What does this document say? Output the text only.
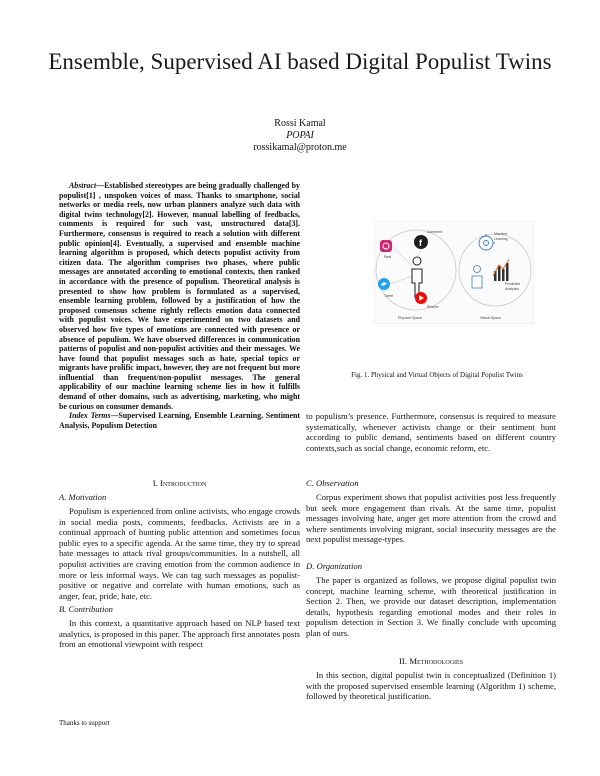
Ensemble, Supervised AI based Digital Populist Twins
Rossi Kamal
POPAI
rossikamal@proton.me

Abstract—Established stereotypes are being gradually challenged by populist[1] , unspoken voices of mass. Thanks to smartphone, social networks or media reels, now urban planners analyze such data with digital twins technology[2]. However, manual labelling of feedbacks, comments is required for such vast, unstructured data[3]. Furthermore, consensus is required to reach a solution with different public opinion[4]. Eventually, a supervised and ensemble machine learning algorithm is proposed, which detects populist activity from citizen data. The algorithm comprises two phases, where public messages are annotated according to emotional contexts, then ranked in accordance with the presence of populism. Theoretical analysis is presented to show how problem is formulated as a supervised, ensemble learning problem, followed by a justification of how the proposed consensus scheme rightly reflects emotion data connected with populist voices. We have experimented on two datasets and observed how five types of emotions are connected with presence or absence of populism. We have observed differences in communication patterns of populist and non-populist activities and their messages. We have found that populist messages such as hate, special topics or migrants have prolific impact, however, they are not frequent but more influential than frequent/non-populist messages. The general applicability of our machine learning scheme lies in how it fulfills demand of other domains, such as advertising, marketing, who might be curious on consumer demands.

Index Terms—Supervised Learning, Ensemble Learning, Sentiment Analysis, Populism Detection

I. Introduction

A. Motivation

Populism is experienced from online activists, who engage crowds in social media posts, comments, feedbacks. Activists are in a continual approach of hunting public attention and sometimes focus public eyes to a specific agenda. At the same time, they try to spread hate messages to attack rival groups/communities. In a nutshell, all populist activities are craving emotion from the common audience in more or less informal ways. We can tag such messages as populist- positive or negative and correlate with human emotions, such as anger, fear, pride, hate, etc.

B. Contribution

In this context, a quantitative approach based on NLP based text analytics, is proposed in this paper. The approach first annotates posts from an emotional viewpoint with respect

Thanks to support
Reel
f
Comment
Tweet
Review
Machine
Learning
Predictive
Analytics
Physical Space	Virtual Space
Fig. 1. Physical and Virtual Objects of Digital Populist Twins

to populism’s presence. Furthermore, consensus is required to measure systematically, whenever activists change or their sentiment hunt according to public demand, sentiments based on different country contexts,such as social change, economic reform, etc.

C. Observation

Corpus experiment shows that populist activities post less frequently but seek more engagement than rivals. At the same time, populist messages involving hate, anger get more attention from the crowd and where sentiments involving migrant, social insecurity messages are the next populist message-types.

D. Organization

The paper is organized as follows, we propose digital populist twin concept, machine learning scheme, with theoretical justification in Section 2. Then, we provide our dataset description, implementation details, hypothesis regarding emotional modes and their roles in populism detection in Section 3. We finally conclude with upcoming plan of ours.

II. Methodologies

In this section, digital populist twin is conceptualized (Definition 1) with the proposed supervised ensemble learning (Algorithm 1) scheme, followed by theoretical justification.
